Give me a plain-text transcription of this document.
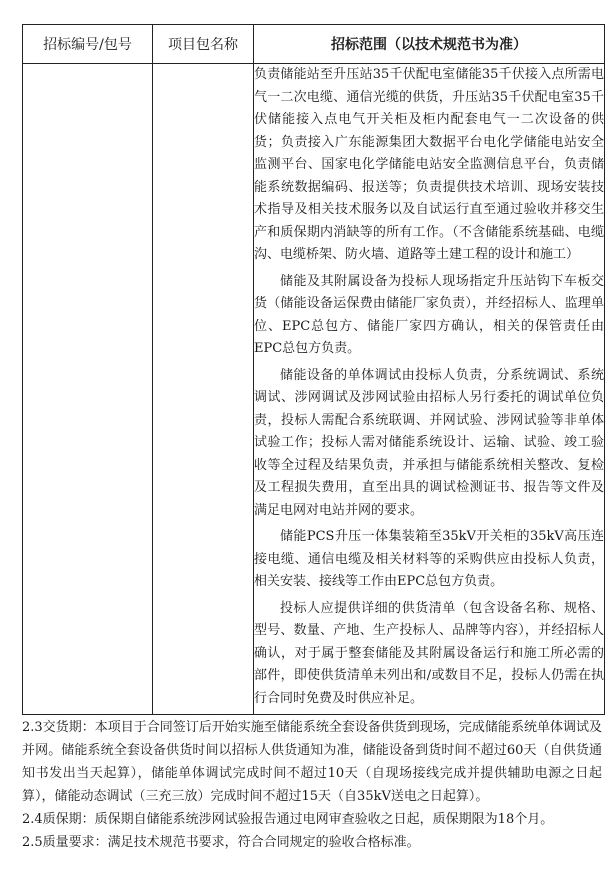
招标编号/包号	项目包名称	招标范围（以技术规范书为准）

		负责储能站至升压站35千伏配电室储能35千伏接入点所需电气一二次电缆、通信光缆的供货，升压站35千伏配电室35千伏储能接入点电气开关柜及柜内配套电气一二次设备的供货；负责接入广东能源集团大数据平台电化学储能电站安全监测平台、国家电化学储能电站安全监测信息平台，负责储能系统数据编码、报送等；负责提供技术培训、现场安装技术指导及相关技术服务以及自试运行直至通过验收并移交生产和质保期内消缺等的所有工作。（不含储能系统基础、电缆沟、电缆桥架、防火墙、道路等土建工程的设计和施工）

储能及其附属设备为投标人现场指定升压站钩下车板交货（储能设备运保费由储能厂家负责），并经招标人、监理单位、EPC总包方、储能厂家四方确认，相关的保管责任由EPC总包方负责。

储能设备的单体调试由投标人负责，分系统调试、系统调试、涉网调试及涉网试验由招标人另行委托的调试单位负责，投标人需配合系统联调、并网试验、涉网试验等非单体试验工作；投标人需对储能系统设计、运输、试验、竣工验收等全过程及结果负责，并承担与储能系统相关整改、复检及工程损失费用，直至出具的调试检测证书、报告等文件及满足电网对电站并网的要求。

储能PCS升压一体集装箱至35kV开关柜的35kV高压连接电缆、通信电缆及相关材料等的采购供应由投标人负责，相关安装、接线等工作由EPC总包方负责。

投标人应提供详细的供货清单（包含设备名称、规格、型号、数量、产地、生产投标人、品牌等内容），并经招标人确认，对于属于整套储能及其附属设备运行和施工所必需的部件，即使供货清单未列出和/或数目不足，投标人仍需在执行合同时免费及时供应补足。

2.3交货期：本项目于合同签订后开始实施至储能系统全套设备供货到现场，完成储能系统单体调试及并网。储能系统全套设备供货时间以招标人供货通知为准，储能设备到货时间不超过60天（自供货通知书发出当天起算），储能单体调试完成时间不超过10天（自现场接线完成并提供辅助电源之日起算），储能动态调试（三充三放）完成时间不超过15天（自35kV送电之日起算）。

2.4质保期：质保期自储能系统涉网试验报告通过电网审查验收之日起，质保期限为18个月。

2.5质量要求：满足技术规范书要求，符合合同规定的验收合格标准。
